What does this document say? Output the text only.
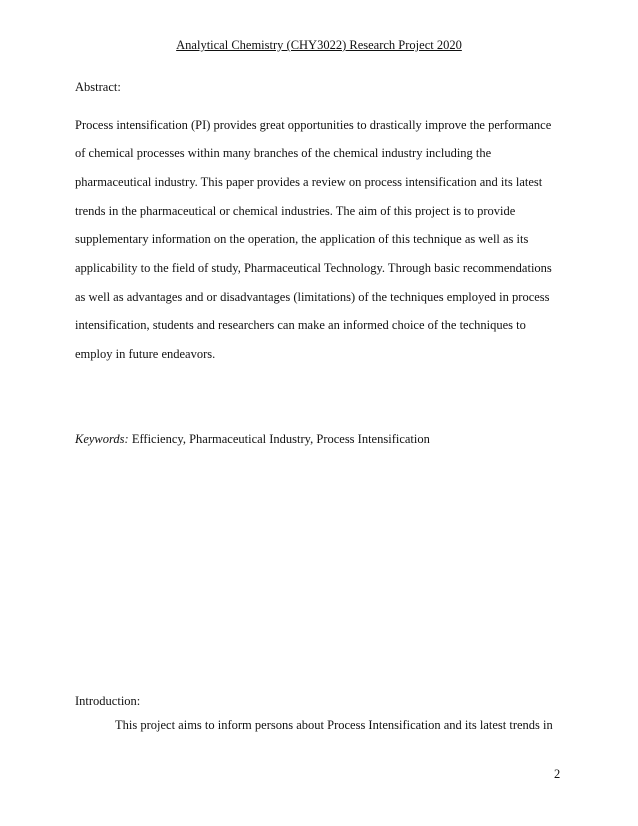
Analytical Chemistry (CHY3022) Research Project 2020
Abstract:
Process intensification (PI) provides great opportunities to drastically improve the performance
of chemical processes within many branches of the chemical industry including the
pharmaceutical industry. This paper provides a review on process intensification and its latest
trends in the pharmaceutical or chemical industries. The aim of this project is to provide
supplementary information on the operation, the application of this technique as well as its
applicability to the field of study, Pharmaceutical Technology. Through basic recommendations
as well as advantages and or disadvantages (limitations) of the techniques employed in process
intensification, students and researchers can make an informed choice of the techniques to
employ in future endeavors.
Keywords: Efficiency, Pharmaceutical Industry, Process Intensification
Introduction:
This project aims to inform persons about Process Intensification and its latest trends in
2
